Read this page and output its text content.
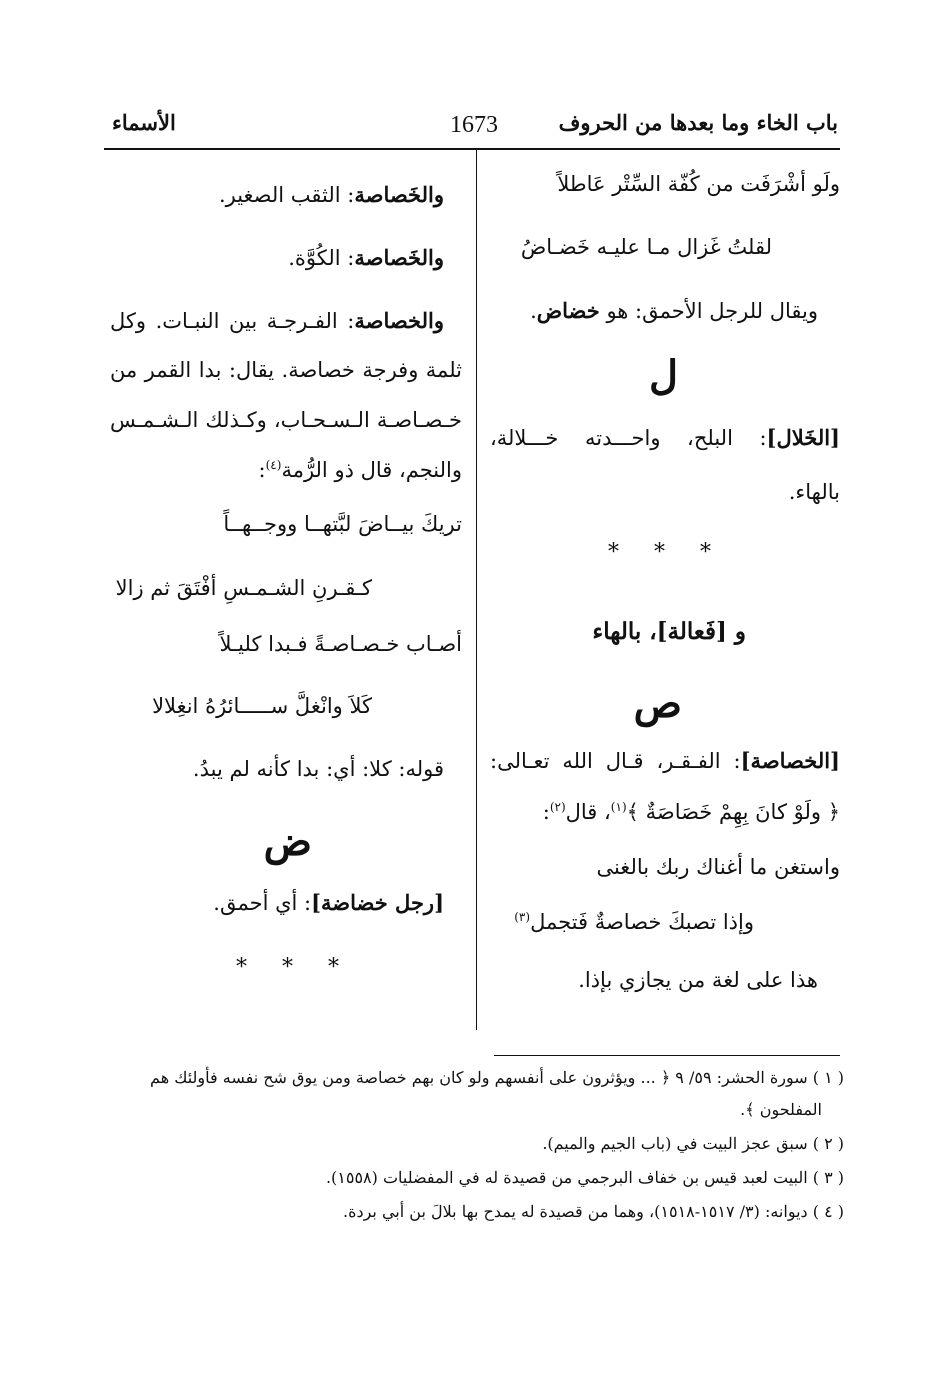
باب الخاء وما بعدها من الحروف
1673
الأسماء
ولَو أشْرَفَت من كُفّة السِّتْر عَاطلاً
لقلتُ غَزال مـا عليـه خَضـاضُ
ويقال للرجل الأحمق: هو خضاض.
ل
[الخَلال]: البلح، واحـــدته خـــلالة،
بالهاء.
* * *
و [فَعالة]، بالهاء
ص
[الخصاصة]: الفـقـر، قـال الله تعـالى:
﴿ ولَوْ كانَ بِهِمْ خَصَاصَةٌ ﴾$^{(١)}$، قال$^{(٢)}$:
واستغن ما أغناك ربك بالغنى
وإذا تصبكَ خصاصةٌ فَتجمل$^{(٣)}$
هذا على لغة من يجازي بإذا.
والخَصاصة: الثقب الصغير.
والخَصاصة: الكُوَّة.
والخصاصة: الفـرجـة بين النبـات. وكل
ثلمة وفرجة خصاصة. يقال: بدا القمر من
خـصـاصـة الـسـحـاب، وكـذلك الـشـمـس
والنجم، قال ذو الرُّمة$^{(٤)}$:
تريكَ بيــاضَ لبَّتهــا ووجــهــاً
كـقـرنِ الشـمـسِ أفْتَقَ ثم زالا
أصـاب خـصـاصـةً فـبدا كليـلاً
كَلاَ وانْغلَّ ســـــائرُهُ انغِلالا
قوله: كلا: أي: بدا كأنه لم يبدُ.
ض
[رجل خضاضة]: أي أحمق.
* * *
( ١ ) سورة الحشر: ٥٩/ ٩ ﴿ ... ويؤثرون على أنفسهم ولو كان بهم خصاصة ومن يوق شح نفسه فأولئك هم
المفلحون ﴾.
( ٢ ) سبق عجز البيت في (باب الجيم والميم).
( ٣ ) البيت لعبد قيس بن خفاف البرجمي من قصيدة له في المفضليات (١٥٥٨).
( ٤ ) ديوانه: (٣/ ١٥١٧-١٥١٨)، وهما من قصيدة له يمدح بها بلالَ بن أبي بردة.
